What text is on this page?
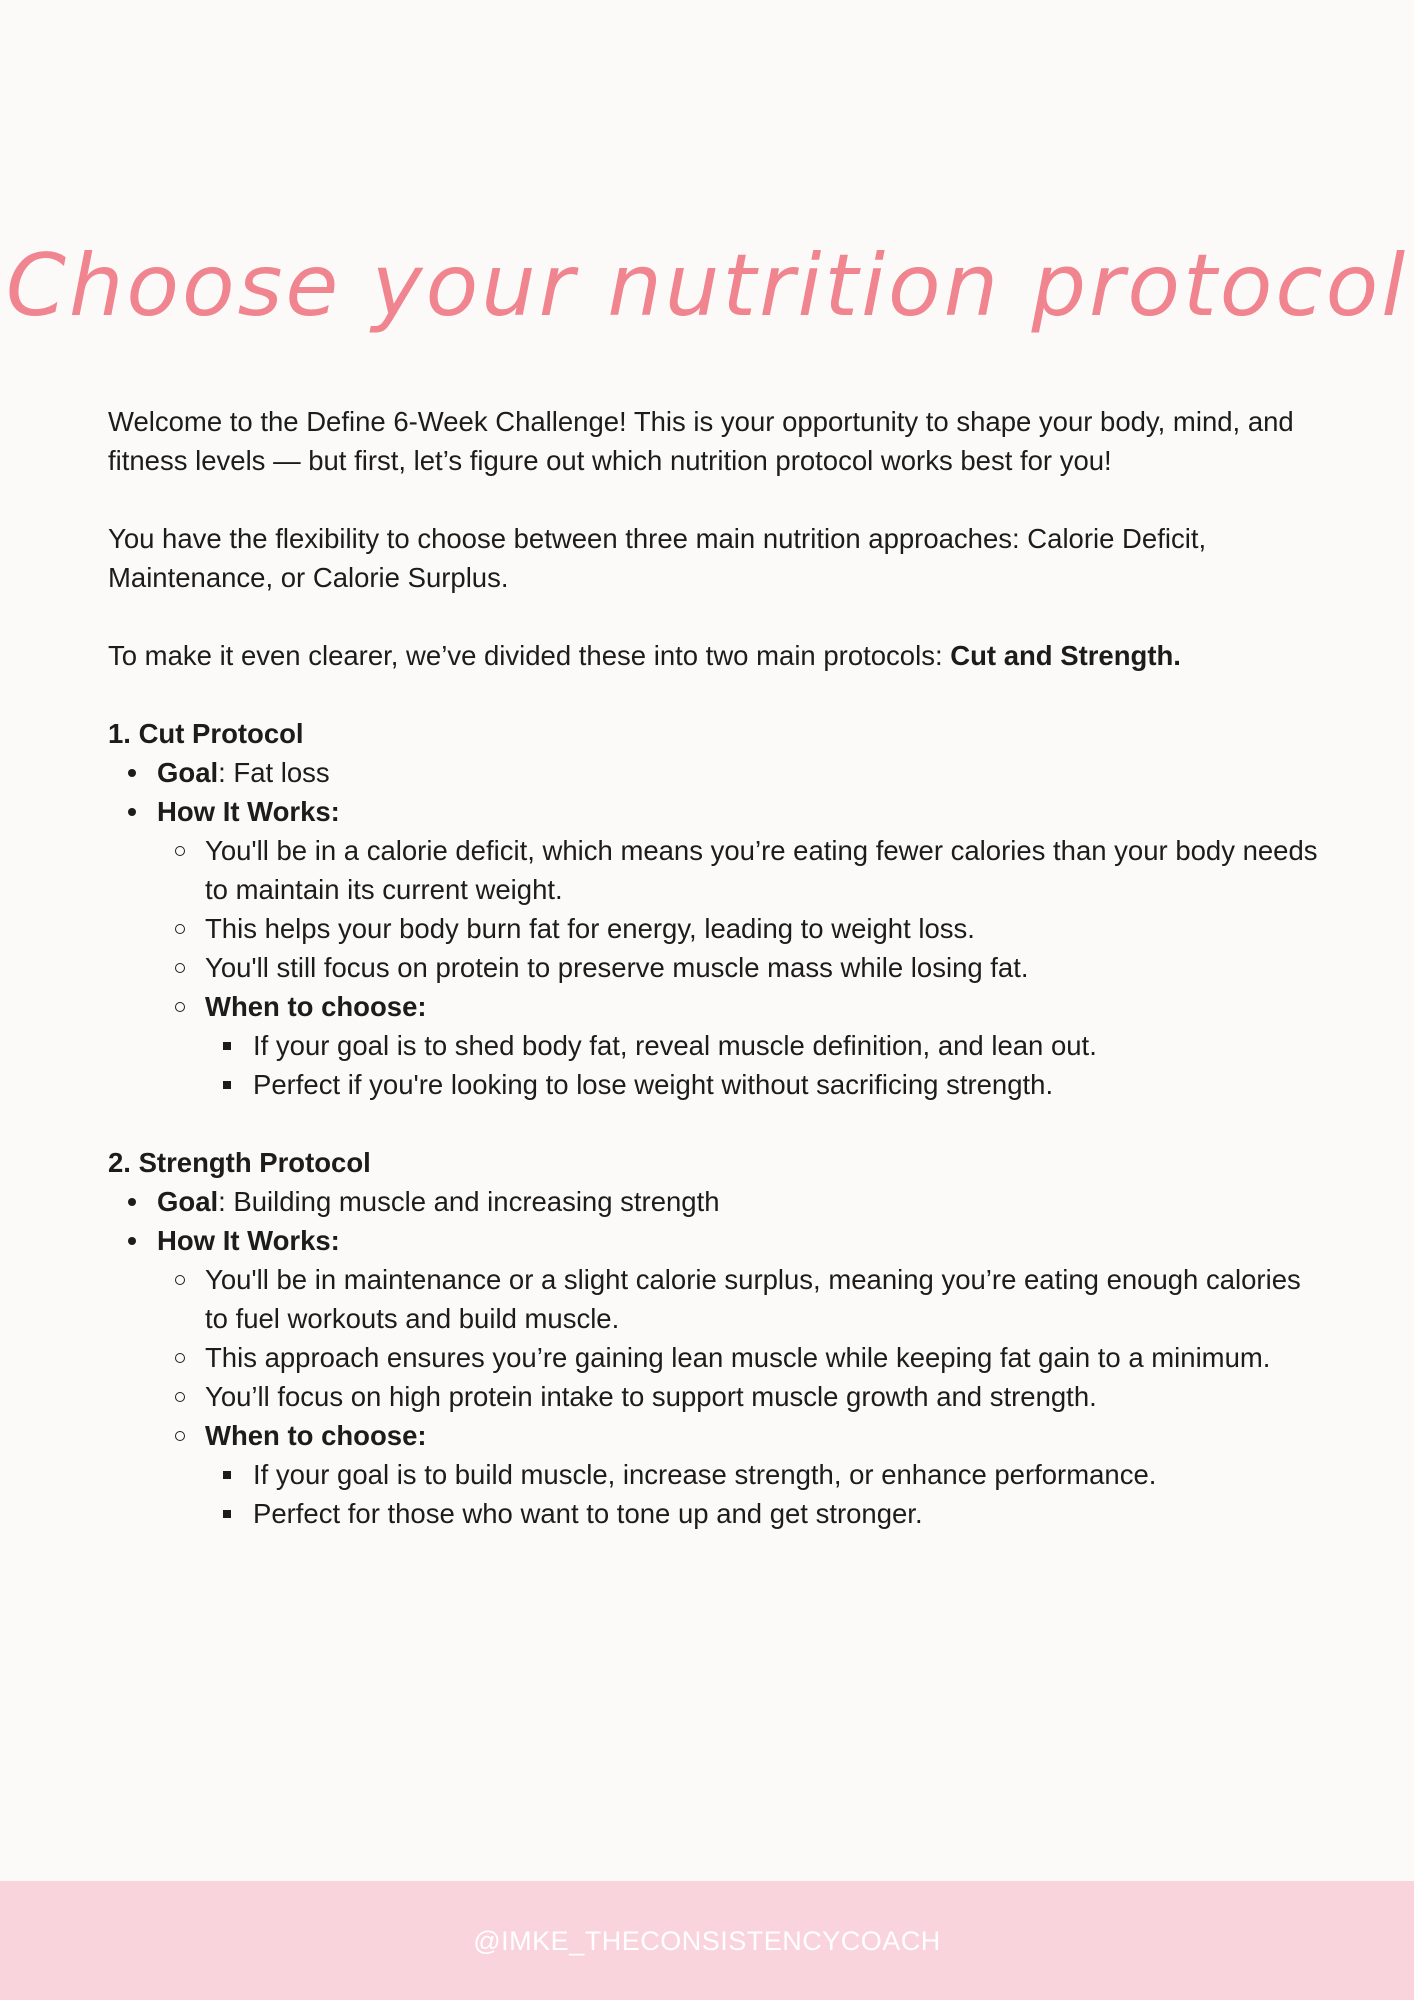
Choose your nutrition protocol

Welcome to the Define 6-Week Challenge! This is your opportunity to shape your body, mind, and fitness levels — but first, let’s figure out which nutrition protocol works best for you!

You have the flexibility to choose between three main nutrition approaches: Calorie Deficit, Maintenance, or Calorie Surplus.

To make it even clearer, we’ve divided these into two main protocols: Cut and Strength.

1. Cut Protocol
Goal: Fat loss
How It Works:
You'll be in a calorie deficit, which means you’re eating fewer calories than your body needs to maintain its current weight.
This helps your body burn fat for energy, leading to weight loss.
You'll still focus on protein to preserve muscle mass while losing fat.
When to choose:
If your goal is to shed body fat, reveal muscle definition, and lean out.
Perfect if you're looking to lose weight without sacrificing strength.
2. Strength Protocol
Goal: Building muscle and increasing strength
How It Works:
You'll be in maintenance or a slight calorie surplus, meaning you’re eating enough calories to fuel workouts and build muscle.
This approach ensures you’re gaining lean muscle while keeping fat gain to a minimum.
You’ll focus on high protein intake to support muscle growth and strength.
When to choose:
If your goal is to build muscle, increase strength, or enhance performance.
Perfect for those who want to tone up and get stronger.
@IMKE_THECONSISTENCYCOACH
